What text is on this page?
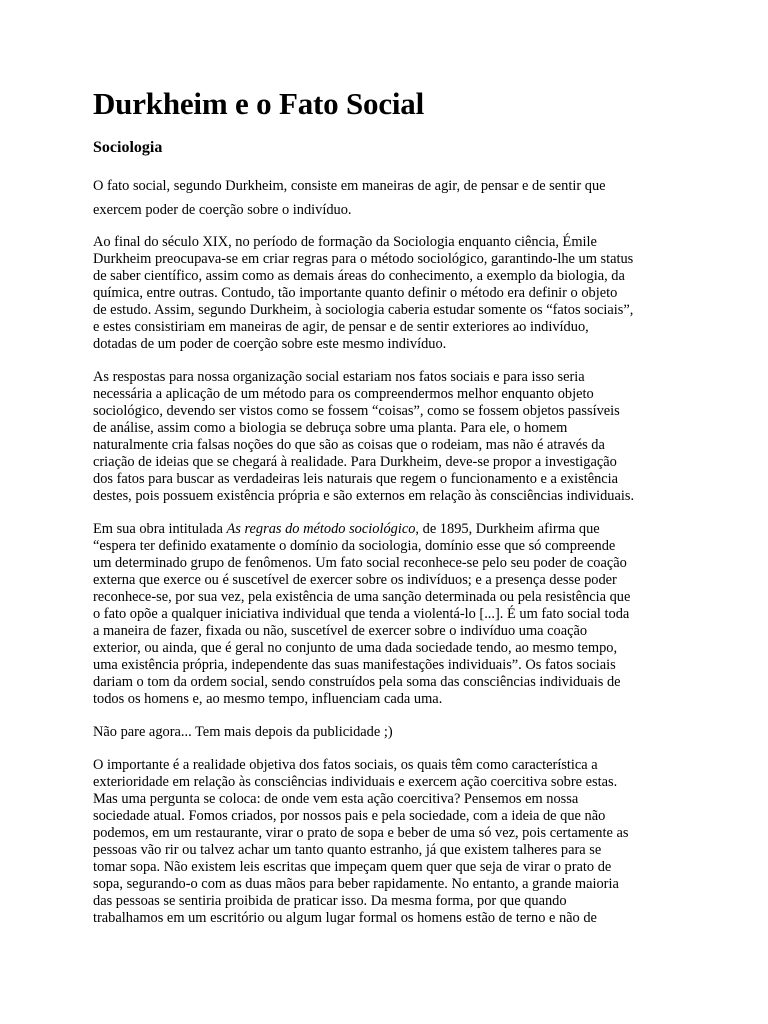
Durkheim e o Fato Social
Sociologia

O fato social, segundo Durkheim, consiste em maneiras de agir, de pensar e de sentir que
exercem poder de coerção sobre o indivíduo.

Ao final do século XIX, no período de formação da Sociologia enquanto ciência, Émile
Durkheim preocupava-se em criar regras para o método sociológico, garantindo-lhe um status
de saber científico, assim como as demais áreas do conhecimento, a exemplo da biologia, da
química, entre outras. Contudo, tão importante quanto definir o método era definir o objeto
de estudo. Assim, segundo Durkheim, à sociologia caberia estudar somente os “fatos sociais”,
e estes consistiriam em maneiras de agir, de pensar e de sentir exteriores ao indivíduo,
dotadas de um poder de coerção sobre este mesmo indivíduo.

As respostas para nossa organização social estariam nos fatos sociais e para isso seria
necessária a aplicação de um método para os compreendermos melhor enquanto objeto
sociológico, devendo ser vistos como se fossem “coisas”, como se fossem objetos passíveis
de análise, assim como a biologia se debruça sobre uma planta. Para ele, o homem
naturalmente cria falsas noções do que são as coisas que o rodeiam, mas não é através da
criação de ideias que se chegará à realidade. Para Durkheim, deve-se propor a investigação
dos fatos para buscar as verdadeiras leis naturais que regem o funcionamento e a existência
destes, pois possuem existência própria e são externos em relação às consciências individuais.

Em sua obra intitulada As regras do método sociológico, de 1895, Durkheim afirma que
“espera ter definido exatamente o domínio da sociologia, domínio esse que só compreende
um determinado grupo de fenômenos. Um fato social reconhece-se pelo seu poder de coação
externa que exerce ou é suscetível de exercer sobre os indivíduos; e a presença desse poder
reconhece-se, por sua vez, pela existência de uma sanção determinada ou pela resistência que
o fato opõe a qualquer iniciativa individual que tenda a violentá-lo [...]. É um fato social toda
a maneira de fazer, fixada ou não, suscetível de exercer sobre o indivíduo uma coação
exterior, ou ainda, que é geral no conjunto de uma dada sociedade tendo, ao mesmo tempo,
uma existência própria, independente das suas manifestações individuais”. Os fatos sociais
dariam o tom da ordem social, sendo construídos pela soma das consciências individuais de
todos os homens e, ao mesmo tempo, influenciam cada uma.

Não pare agora... Tem mais depois da publicidade ;)

O importante é a realidade objetiva dos fatos sociais, os quais têm como característica a
exterioridade em relação às consciências individuais e exercem ação coercitiva sobre estas.
Mas uma pergunta se coloca: de onde vem esta ação coercitiva? Pensemos em nossa
sociedade atual. Fomos criados, por nossos pais e pela sociedade, com a ideia de que não
podemos, em um restaurante, virar o prato de sopa e beber de uma só vez, pois certamente as
pessoas vão rir ou talvez achar um tanto quanto estranho, já que existem talheres para se
tomar sopa. Não existem leis escritas que impeçam quem quer que seja de virar o prato de
sopa, segurando-o com as duas mãos para beber rapidamente. No entanto, a grande maioria
das pessoas se sentiria proibida de praticar isso. Da mesma forma, por que quando
trabalhamos em um escritório ou algum lugar formal os homens estão de terno e não de
